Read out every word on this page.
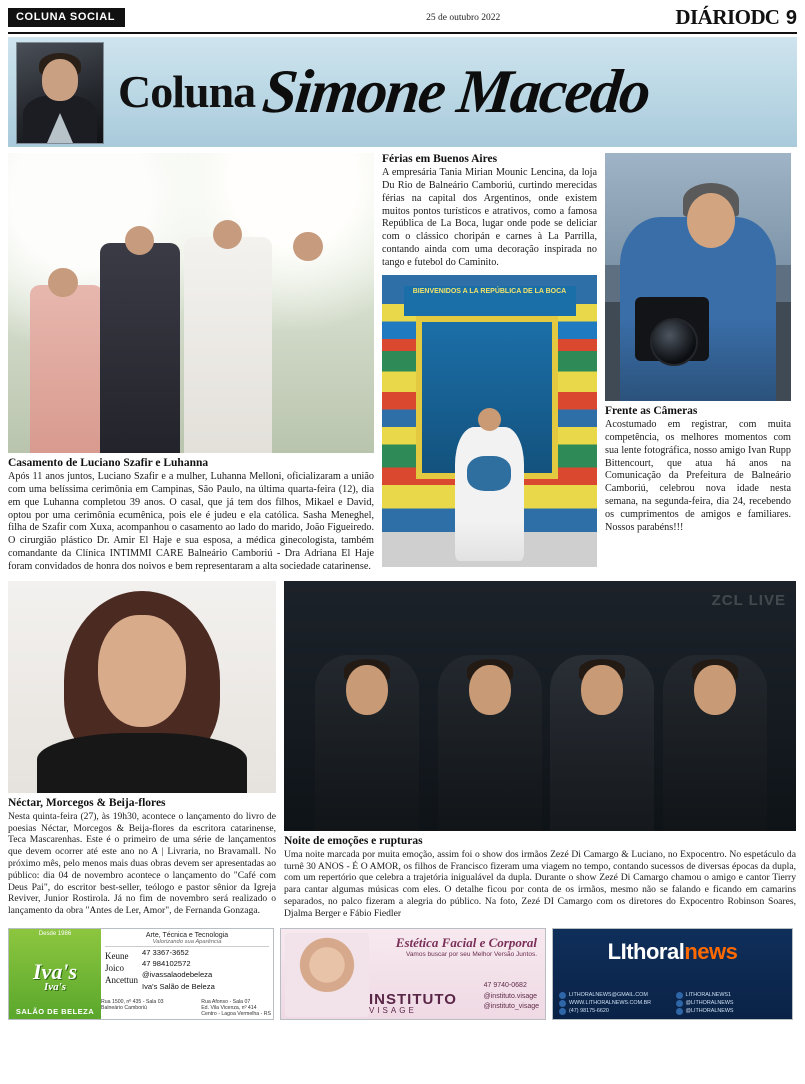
COLUNA SOCIAL	25 de outubro 2022	DIÁRIODC 9
Coluna Simone Macedo
Casamento de Luciano Szafir e Luhanna
Após 11 anos juntos, Luciano Szafir e a mulher, Luhanna Melloni, oficializaram a união com uma belíssima cerimônia em Campinas, São Paulo, na última quarta-feira (12), dia em que Luhanna completou 39 anos. O casal, que já tem dos filhos, Mikael e David, optou por uma cerimônia ecumênica, pois ele é judeu e ela católica. Sasha Meneghel, filha de Szafir com Xuxa, acompanhou o casamento ao lado do marido, João Figueiredo. O cirurgião plástico Dr. Amir El Haje e sua esposa, a médica ginecologista, também comandante da Clínica INTIMMI CARE Balneário Camboriú - Dra Adriana El Haje foram convidados de honra dos noivos e bem representaram a alta sociedade catarinense.
Férias em Buenos Aires
A empresária Tania Mirian Mounic Lencina, da loja Du Rio de Balneário Camboriú, curtindo merecidas férias na capital dos Argentinos, onde existem muitos pontos turísticos e atrativos, como a famosa República de La Boca, lugar onde pode se deliciar com o clássico choripán e carnes à La Parrilla, contando ainda com uma decoração inspirada no tango e futebol do Caminito.
BIENVENIDOS A LA REPÚBLICA DE LA BOCA
Frente as Câmeras
Acostumado em registrar, com muita competência, os melhores momentos com sua lente fotográfica, nosso amigo Ivan Rupp Bittencourt, que atua há anos na Comunicação da Prefeitura de Balneário Camboriú, celebrou nova idade nesta semana, na segunda-feira, dia 24, recebendo os cumprimentos de amigos e familiares. Nossos parabéns!!!
Néctar, Morcegos & Beija-flores
Nesta quinta-feira (27), às 19h30, acontece o lançamento do livro de poesias Néctar, Morcegos & Beija-flores da escritora catarinense, Teca Mascarenhas. Este é o primeiro de uma série de lançamentos que devem ocorrer até este ano no A | Livraria, no Bravamall. No próximo mês, pelo menos mais duas obras devem ser apresentadas ao público: dia 04 de novembro acontece o lançamento do "Café com Deus Pai", do escritor best-seller, teólogo e pastor sênior da Igreja Reviver, Junior Rostirola. Já no fim de novembro será realizado o lançamento da obra "Antes de Ler, Amor", de Fernanda Gonzaga.
ZCL LIVE
Noite de emoções e rupturas
Uma noite marcada por muita emoção, assim foi o show dos irmãos Zezé Di Camargo & Luciano, no Expocentro. No espetáculo da turnê 30 ANOS - É O AMOR, os filhos de Francisco fizeram uma viagem no tempo, contando sucessos de diversas épocas da dupla, com um repertório que celebra a trajetória inigualável da dupla. Durante o show Zezé Di Camargo chamou o amigo e cantor Tierry para cantar algumas músicas com eles. O detalhe ficou por conta de os irmãos, mesmo não se falando e ficando em camarins separados, no palco fizeram a alegria do público. Na foto, Zezé DI Camargo com os diretores do Expocentro Robinson Soares, Djalma Berger e Fábio Fiedler
Desde 1986
Iva's
Iva's
SALÃO DE BELEZA
Arte, Técnica e Tecnologia
Valorizando sua Aparência
Keune
Joico
Ancettun
47 3367-3652
47 984102572
@ivassalaodebeleza
Iva's Salão de Beleza
Rua 1500, nº 435 - Sala 03
Balneário Camboriú
Rua Afonso - Sala 07
Ed. Vila Vicenza, nº 414
Centro - Lagoa Vermelha - RS
Estética Facial e Corporal
Vamos buscar por seu Melhor Versão Juntos.
INSTITUTO
VISAGE
47 9740-0682
@instituto.visage
@instituto_visage
LIthoralnews
LITHORALNEWS@GMAIL.COM	LITHORALNEWS1
WWW.LITHORALNEWS.COM.BR	@LITHORALNEWS
(47) 98175-6620	@LITHORALNEWS
